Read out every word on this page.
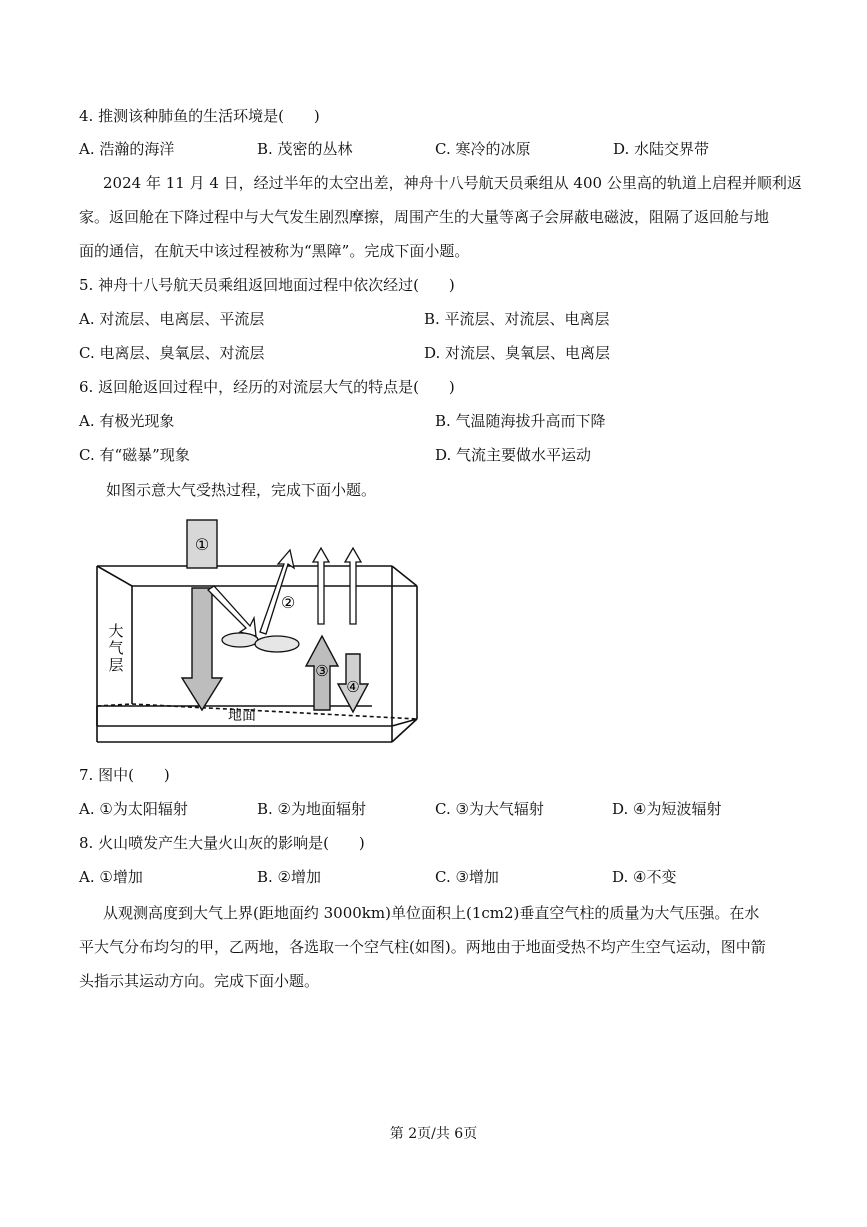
4. 推测该种肺鱼的生活环境是(　　)
A. 浩瀚的海洋	B. 茂密的丛林	C. 寒冷的冰原	D. 水陆交界带
2024 年 11 月 4 日，经过半年的太空出差，神舟十八号航天员乘组从 400 公里高的轨道上启程并顺利返
家。返回舱在下降过程中与大气发生剧烈摩擦，周围产生的大量等离子会屏蔽电磁波，阻隔了返回舱与地
面的通信，在航天中该过程被称为“黑障”。完成下面小题。
5. 神舟十八号航天员乘组返回地面过程中依次经过(　　)
A. 对流层、电离层、平流层	B. 平流层、对流层、电离层
C. 电离层、臭氧层、对流层	D. 对流层、臭氧层、电离层
6. 返回舱返回过程中，经历的对流层大气的特点是(　　)
A. 有极光现象	B. 气温随海拔升高而下降
C. 有“磁暴”现象	D. 气流主要做水平运动
如图示意大气受热过程，完成下面小题。
①
②
③
④
大
气
层
地面
7. 图中(　　)
A. ①为太阳辐射	B. ②为地面辐射	C. ③为大气辐射	D. ④为短波辐射
8. 火山喷发产生大量火山灰的影响是(　　)
A. ①增加	B. ②增加	C. ③增加	D. ④不变
从观测高度到大气上界(距地面约 3000km)单位面积上(1cm2)垂直空气柱的质量为大气压强。在水
平大气分布均匀的甲，乙两地，各选取一个空气柱(如图)。两地由于地面受热不均产生空气运动，图中箭
头指示其运动方向。完成下面小题。
第 2页/共 6页
